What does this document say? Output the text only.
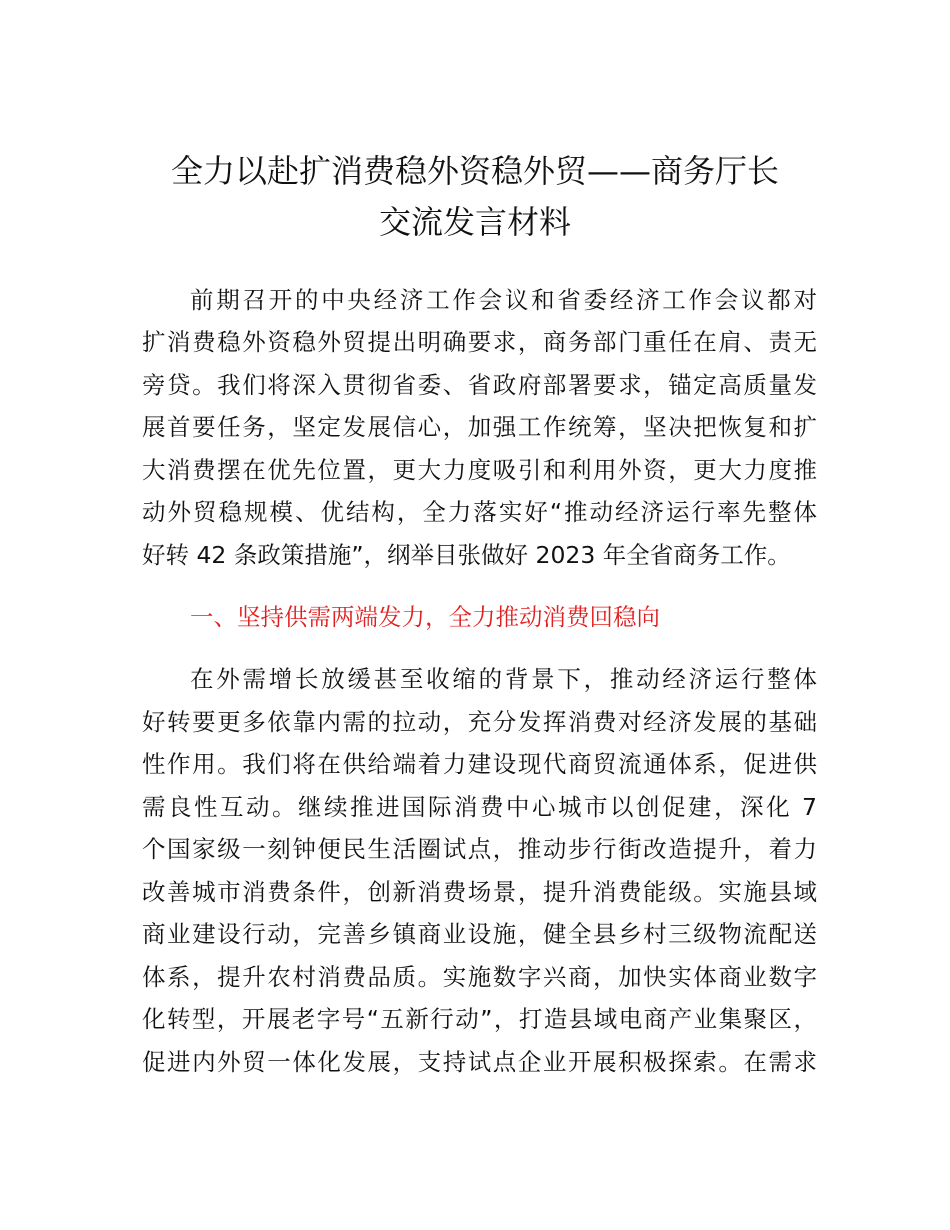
全力以赴扩消费稳外资稳外贸——商务厅长
交流发言材料
前期召开的中央经济工作会议和省委经济工作会议都对
扩消费稳外资稳外贸提出明确要求，商务部门重任在肩、责无
旁贷。我们将深入贯彻省委、省政府部署要求，锚定高质量发
展首要任务，坚定发展信心，加强工作统筹，坚决把恢复和扩
大消费摆在优先位置，更大力度吸引和利用外资，更大力度推
动外贸稳规模、优结构，全力落实好“推动经济运行率先整体
好转 42 条政策措施”，纲举目张做好 2023 年全省商务工作。
一、坚持供需两端发力，全力推动消费回稳向
在外需增长放缓甚至收缩的背景下，推动经济运行整体
好转要更多依靠内需的拉动，充分发挥消费对经济发展的基础
性作用。我们将在供给端着力建设现代商贸流通体系，促进供
需良性互动。继续推进国际消费中心城市以创促建，深化 7
个国家级一刻钟便民生活圈试点，推动步行街改造提升，着力
改善城市消费条件，创新消费场景，提升消费能级。实施县域
商业建设行动，完善乡镇商业设施，健全县乡村三级物流配送
体系，提升农村消费品质。实施数字兴商，加快实体商业数字
化转型，开展老字号“五新行动”，打造县域电商产业集聚区，
促进内外贸一体化发展，支持试点企业开展积极探索。在需求
